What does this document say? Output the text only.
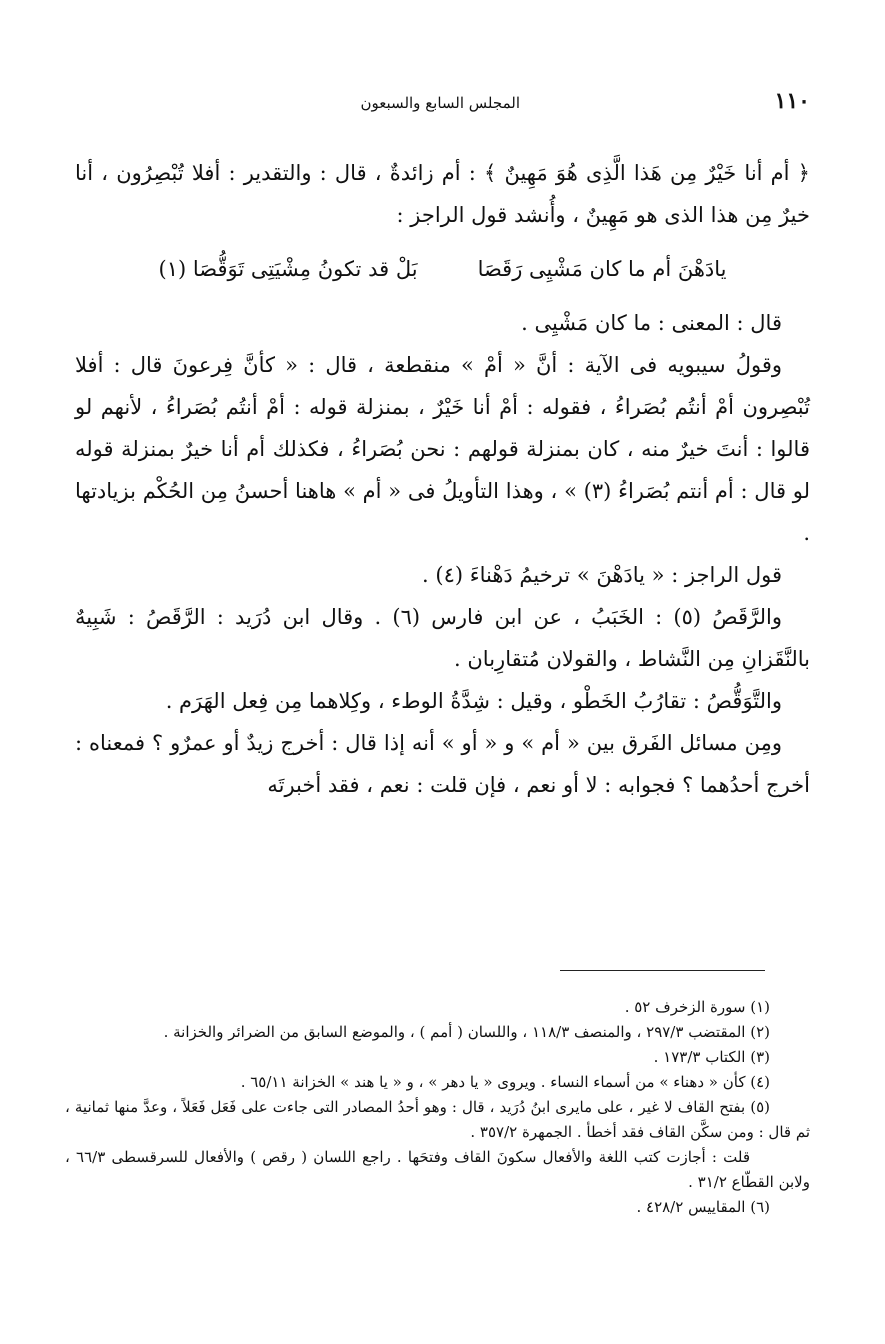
١١٠
المجلس السابع والسبعون

﴿ أم أنا خَيْرٌ مِن هَذا الَّذِى هُوَ مَهِينٌ ﴾ : أم زائدةٌ ، قال : والتقدير : أفلا تُبْصِرُون ، أنا خيرٌ مِن هذا الذى هو مَهِينٌ ، وأُنشد قول الراجز :

يادَهْنَ أم ما كان مَشْيِى رَقَصَا
بَلْ قد تكونُ مِشْيَتِى تَوَقُّصَا (١)

قال : المعنى : ما كان مَشْيِى .

وقولُ سيبويه فى الآية : أنَّ « أمْ » منقطعة ، قال : « كأنَّ فِرعونَ قال : أفلا تُبْصِرون أمْ أنتُم بُصَراءُ ، فقوله : أمْ أنا خَيْرٌ ، بمنزلة قوله : أمْ أنتُم بُصَراءُ ، لأنهم لو قالوا : أنتَ خيرٌ منه ، كان بمنزلة قولهم : نحن بُصَراءُ ، فكذلك أم أنا خيرٌ بمنزلة قوله لو قال : أم أنتم بُصَراءُ (٣) » ، وهذا التأويلُ فى « أم » هاهنا أحسنُ مِن الحُكْم بزيادتها .

قول الراجز : « يادَهْنَ » ترخيمُ دَهْناءَ (٤) .

والرَّقَصُ (٥) : الخَبَبُ ، عن ابن فارس (٦) . وقال ابن دُرَيد : الرَّقَصُ : شَبِيهٌ بالنَّقَزانِ مِن النَّشاط ، والقولان مُتقارِبان .

والتَّوَقُّصُ : تقارُبُ الخَطْو ، وقيل : شِدَّةُ الوطء ، وكِلاهما مِن فِعل الهَرَم .

ومِن مسائل الفَرق بين « أم » و « أو » أنه إذا قال : أخرج زيدٌ أو عمرٌو ؟ فمعناه : أخرج أحدُهما ؟ فجوابه : لا أو نعم ، فإن قلت : نعم ، فقد أخبرتَه

(١) سورة الزخرف ٥٢ .

(٢) المقتضب ٢٩٧/٣ ، والمنصف ١١٨/٣ ، واللسان ( أمم ) ، والموضع السابق من الضرائر والخزانة .

(٣) الكتاب ١٧٣/٣ .

(٤) كأن « دهناء » من أسماء النساء . ويروى « يا دهر » ، و « يا هند » الخزانة ٦٥/١١ .

(٥) بفتح القاف لا غير ، على مايرى ابنُ دُرَيد ، قال : وهو أحدُ المصادر التى جاءت على فَعَل فَعَلاً ، وعدَّ منها ثمانية ، ثم قال : ومن سكَّن القاف فقد أخطأ . الجمهرة ٣٥٧/٢ .

قلت : أجازت كتب اللغة والأفعال سكونَ القاف وفتحَها . راجع اللسان ( رقص ) والأفعال للسرقسطى ٦٦/٣ ، ولابن القطّاع ٣١/٢ .

(٦) المقاييس ٤٢٨/٢ .
